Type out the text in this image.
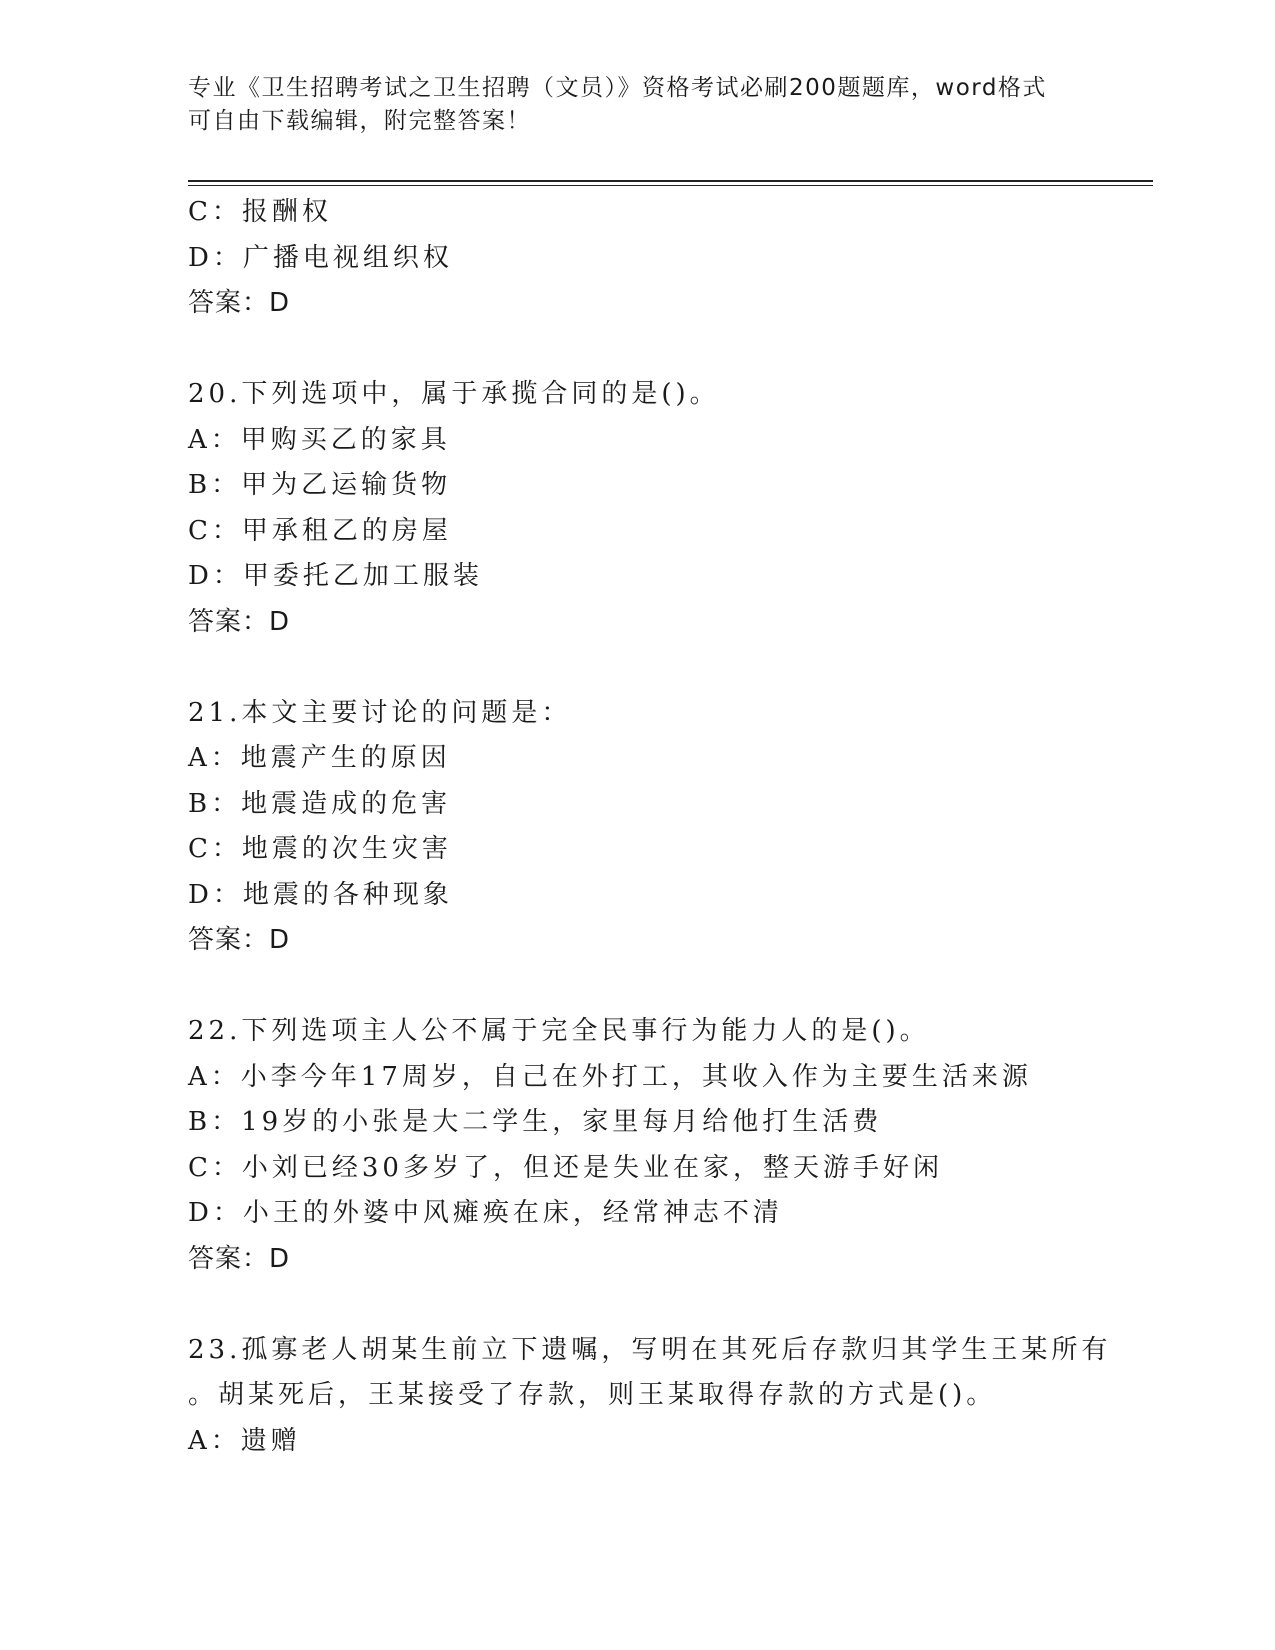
专业《卫生招聘考试之卫生招聘（文员）》资格考试必刷200题题库，word格式
可自由下载编辑，附完整答案！
C：报酬权
D：广播电视组织权
答案：D
20.下列选项中，属于承揽合同的是()。
A：甲购买乙的家具
B：甲为乙运输货物
C：甲承租乙的房屋
D：甲委托乙加工服装
答案：D
21.本文主要讨论的问题是：
A：地震产生的原因
B：地震造成的危害
C：地震的次生灾害
D：地震的各种现象
答案：D
22.下列选项主人公不属于完全民事行为能力人的是()。
A：小李今年17周岁，自己在外打工，其收入作为主要生活来源
B：19岁的小张是大二学生，家里每月给他打生活费
C：小刘已经30多岁了，但还是失业在家，整天游手好闲
D：小王的外婆中风瘫痪在床，经常神志不清
答案：D
23.孤寡老人胡某生前立下遗嘱，写明在其死后存款归其学生王某所有
。胡某死后，王某接受了存款，则王某取得存款的方式是()。
A：遗赠
